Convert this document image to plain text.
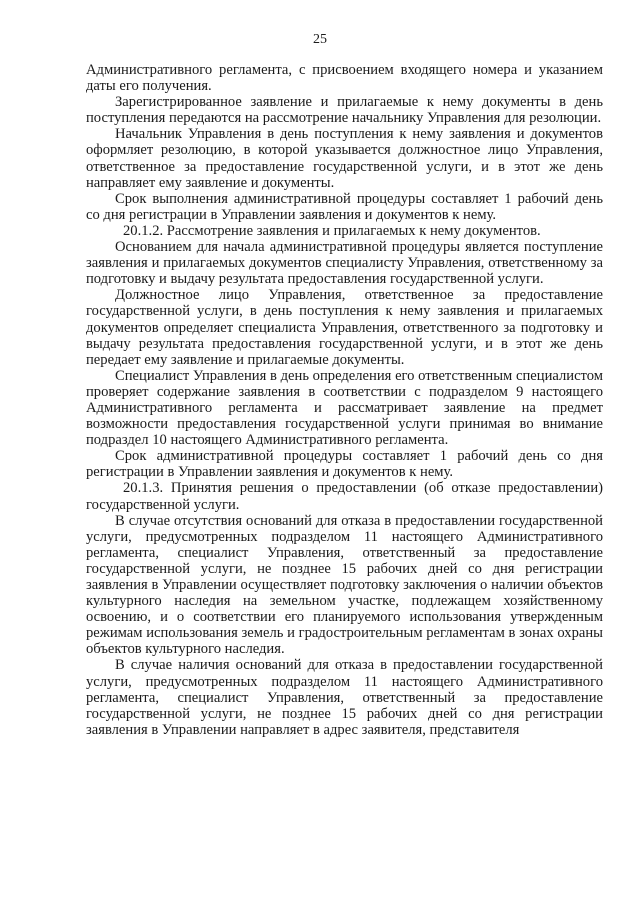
25

Административного регламента, с присвоением входящего номера и указанием даты его получения.

Зарегистрированное заявление и прилагаемые к нему документы в день поступления передаются на рассмотрение начальнику Управления для резолюции.

Начальник Управления в день поступления к нему заявления и документов оформляет резолюцию, в которой указывается должностное лицо Управления, ответственное за предоставление государственной услуги, и в этот же день направляет ему заявление и документы.

Срок выполнения административной процедуры составляет 1 рабочий день со дня регистрации в Управлении заявления и документов к нему.

20.1.2. Рассмотрение заявления и прилагаемых к нему документов.

Основанием для начала административной процедуры является поступление заявления и прилагаемых документов специалисту Управления, ответственному за подготовку и выдачу результата предоставления государственной услуги.

Должностное лицо Управления, ответственное за предоставление государственной услуги, в день поступления к нему заявления и прилагаемых документов определяет специалиста Управления, ответственного за подготовку и выдачу результата предоставления государственной услуги, и в этот же день передает ему заявление и прилагаемые документы.

Специалист Управления в день определения его ответственным специалистом проверяет содержание заявления в соответствии с подразделом 9 настоящего Административного регламента и рассматривает заявление на предмет возможности предоставления государственной услуги принимая во внимание подраздел 10 настоящего Административного регламента.

Срок административной процедуры составляет 1 рабочий день со дня регистрации в Управлении заявления и документов к нему.

20.1.3. Принятия решения о предоставлении (об отказе предоставлении) государственной услуги.

В случае отсутствия оснований для отказа в предоставлении государственной услуги, предусмотренных подразделом 11 настоящего Административного регламента, специалист Управления, ответственный за предоставление государственной услуги, не позднее 15 рабочих дней со дня регистрации заявления в Управлении осуществляет подготовку заключения о наличии объектов культурного наследия на земельном участке, подлежащем хозяйственному освоению, и о соответствии его планируемого использования утвержденным режимам использования земель и градостроительным регламентам в зонах охраны объектов культурного наследия.

В случае наличия оснований для отказа в предоставлении государственной услуги, предусмотренных подразделом 11 настоящего Административного регламента, специалист Управления, ответственный за предоставление государственной услуги, не позднее 15 рабочих дней со дня регистрации заявления в Управлении направляет в адрес заявителя, представителя
